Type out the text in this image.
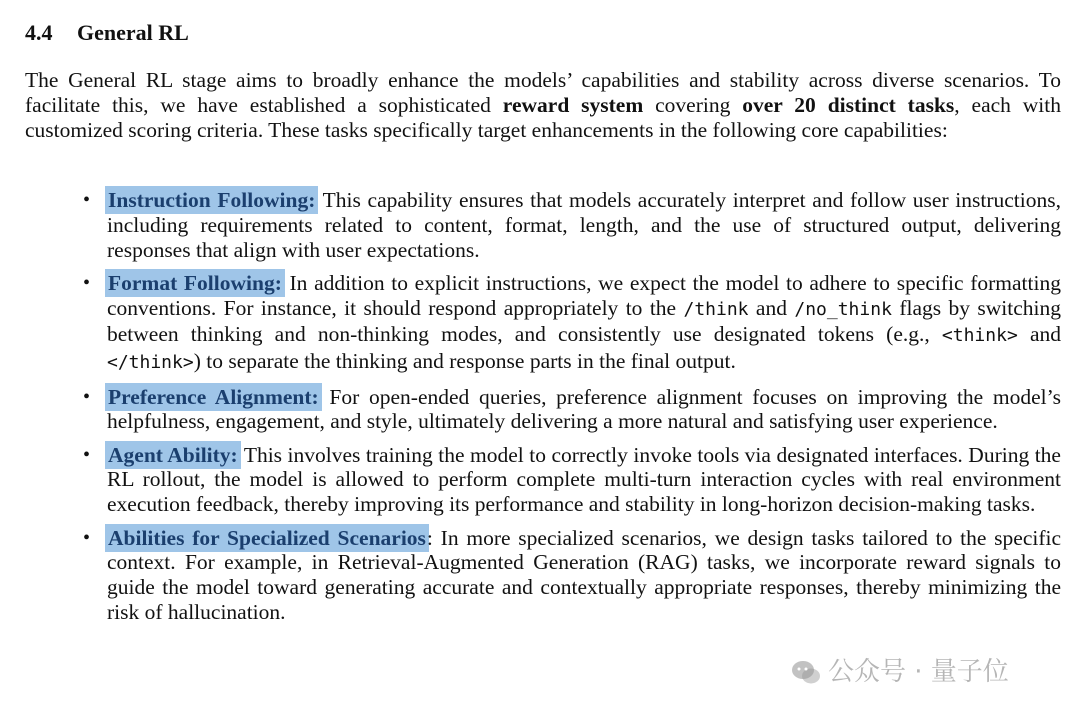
4.4 General RL

The General RL stage aims to broadly enhance the models’ capabilities and stability across diverse scenarios. To facilitate this, we have established a sophisticated reward system covering over 20 distinct tasks, each with customized scoring criteria. These tasks specifically target enhancements in the following core capabilities:

• Instruction Following: This capability ensures that models accurately interpret and follow user instructions, including requirements related to content, format, length, and the use of structured output, delivering responses that align with user expectations.
• Format Following: In addition to explicit instructions, we expect the model to adhere to specific formatting conventions. For instance, it should respond appropriately to the /think and /no_think flags by switching between thinking and non-thinking modes, and consistently use designated tokens (e.g., <think> and </think>) to separate the thinking and response parts in the final output.
• Preference Alignment: For open-ended queries, preference alignment focuses on improving the model’s helpfulness, engagement, and style, ultimately delivering a more natural and satisfying user experience.
• Agent Ability: This involves training the model to correctly invoke tools via designated interfaces. During the RL rollout, the model is allowed to perform complete multi-turn interaction cycles with real environment execution feedback, thereby improving its performance and stability in long-horizon decision-making tasks.
• Abilities for Specialized Scenarios: In more specialized scenarios, we design tasks tailored to the specific context. For example, in Retrieval-Augmented Generation (RAG) tasks, we incorporate reward signals to guide the model toward generating accurate and contextually appropriate responses, thereby minimizing the risk of hallucination.
公众号 · 量子位
